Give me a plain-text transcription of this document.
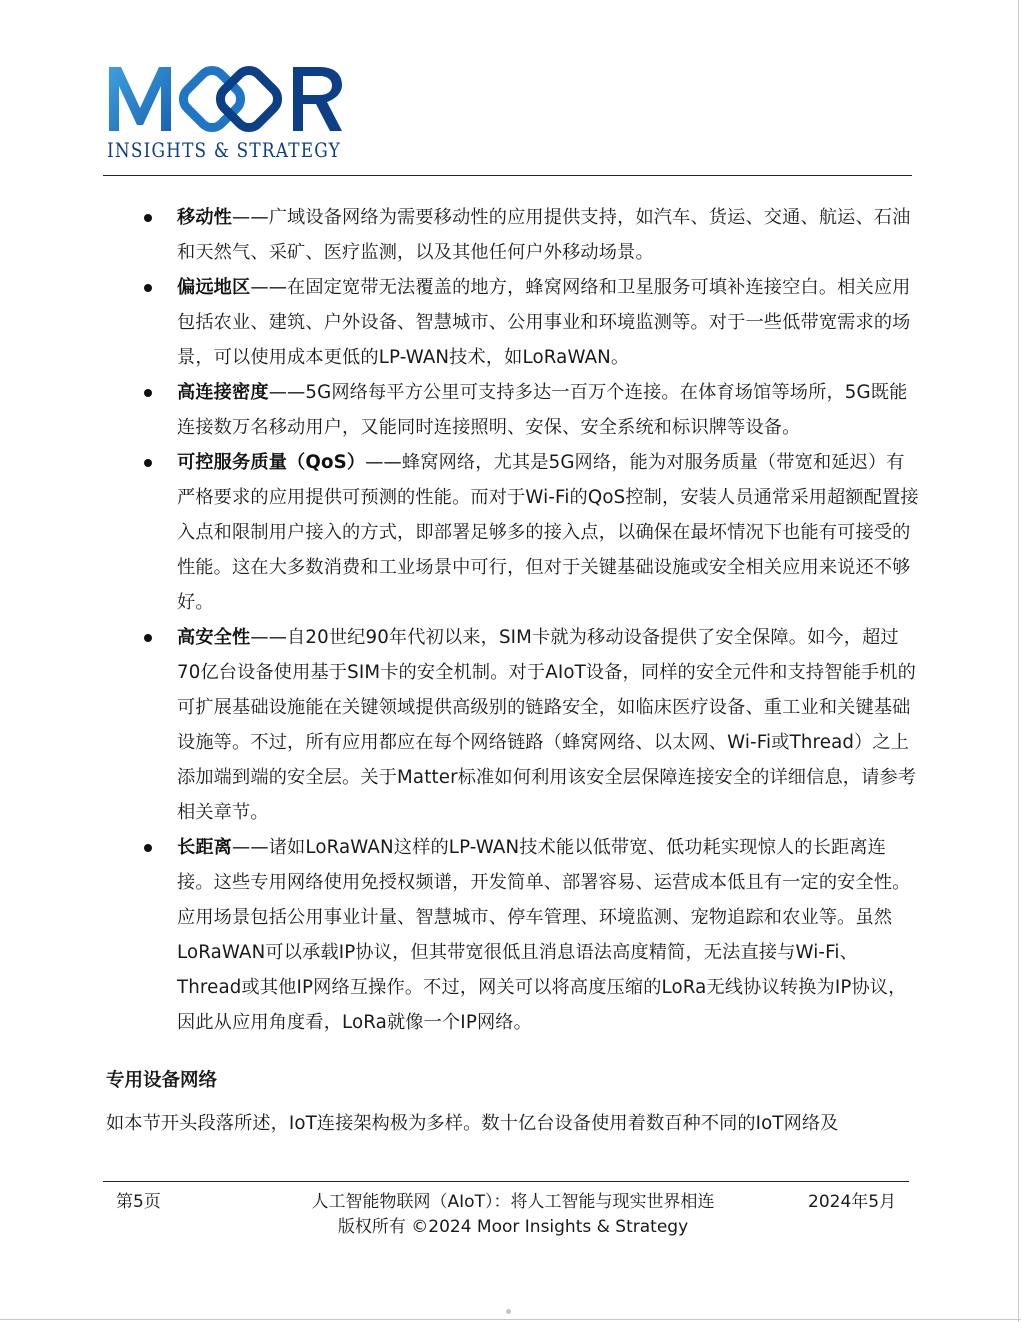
INSIGHTS & STRATEGY
移动性——广域设备网络为需要移动性的应用提供支持，如汽车、货运、交通、航运、石油和天然气、采矿、医疗监测，以及其他任何户外移动场景。
偏远地区——在固定宽带无法覆盖的地方，蜂窝网络和卫星服务可填补连接空白。相关应用包括农业、建筑、户外设备、智慧城市、公用事业和环境监测等。对于一些低带宽需求的场景，可以使用成本更低的LP-WAN技术，如LoRaWAN。
高连接密度——5G网络每平方公里可支持多达一百万个连接。在体育场馆等场所，5G既能连接数万名移动用户，又能同时连接照明、安保、安全系统和标识牌等设备。
可控服务质量（QoS）——蜂窝网络，尤其是5G网络，能为对服务质量（带宽和延迟）有严格要求的应用提供可预测的性能。而对于Wi-Fi的QoS控制，安装人员通常采用超额配置接入点和限制用户接入的方式，即部署足够多的接入点，以确保在最坏情况下也能有可接受的性能。这在大多数消费和工业场景中可行，但对于关键基础设施或安全相关应用来说还不够好。
高安全性——自20世纪90年代初以来，SIM卡就为移动设备提供了安全保障。如今，超过70亿台设备使用基于SIM卡的安全机制。对于AIoT设备，同样的安全元件和支持智能手机的可扩展基础设施能在关键领域提供高级别的链路安全，如临床医疗设备、重工业和关键基础设施等。不过，所有应用都应在每个网络链路（蜂窝网络、以太网、Wi-Fi或Thread）之上添加端到端的安全层。关于Matter标准如何利用该安全层保障连接安全的详细信息，请参考相关章节。
长距离——诸如LoRaWAN这样的LP-WAN技术能以低带宽、低功耗实现惊人的长距离连接。这些专用网络使用免授权频谱，开发简单、部署容易、运营成本低且有一定的安全性。应用场景包括公用事业计量、智慧城市、停车管理、环境监测、宠物追踪和农业等。虽然LoRaWAN可以承载IP协议，但其带宽很低且消息语法高度精简，无法直接与Wi-Fi、Thread或其他IP网络互操作。不过，网关可以将高度压缩的LoRa无线协议转换为IP协议，因此从应用角度看，LoRa就像一个IP网络。
专用设备网络
如本节开头段落所述，IoT连接架构极为多样。数十亿台设备使用着数百种不同的IoT网络及
第5页	人工智能物联网（AIoT）：将人工智能与现实世界相连	2024年5月
版权所有 ©2024 Moor Insights & Strategy
